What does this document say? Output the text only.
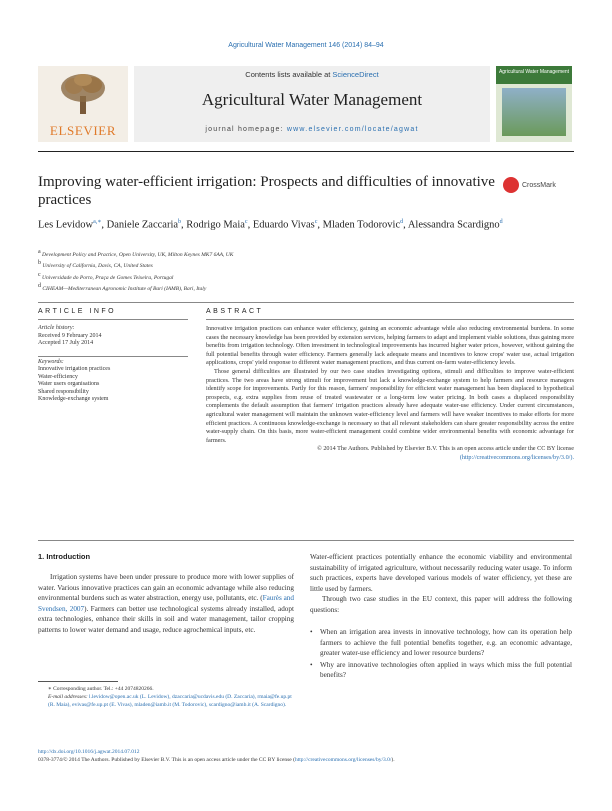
Agricultural Water Management 146 (2014) 84–94
ELSEVIER
Contents lists available at ScienceDirect
Agricultural Water Management
journal homepage: www.elsevier.com/locate/agwat
Agricultural Water Management
Improving water-efficient irrigation: Prospects and difficulties of innovative practices
CrossMark
Les Levidow$^{a,∗}$, Daniele Zaccaria$^b$, Rodrigo Maia$^c$, Eduardo Vivas$^c$, Mladen Todorovic$^d$, Alessandra Scardigno$^d$
$^a$ Development Policy and Practice, Open University, UK, Milton Keynes MK7 6AA, UK
$^b$ University of California, Davis, CA, United States
$^c$ Universidade do Porto, Praça de Gomes Teixeira, Portugal
$^d$ CIHEAM—Mediterranean Agronomic Institute of Bari (IAMB), Bari, Italy
ARTICLE INFO	ABSTRACT
Article history:
Received 9 February 2014
Accepted 17 July 2014
Keywords:
Innovative irrigation practices
Water-efficiency
Water users organisations
Shared responsibility
Knowledge-exchange system

Innovative irrigation practices can enhance water efficiency, gaining an economic advantage while also reducing environmental burdens. In some cases the necessary knowledge has been provided by extension services, helping farmers to adapt and implement viable solutions, thus gaining more benefits from irrigation technology. Often investment in technological improvements has incurred higher water prices, however, without gaining the full potential benefits through water efficiency. Farmers generally lack adequate means and incentives to know crops' water use, actual irrigation applications, crops' yield response to different water management practices, and thus current on-farm water-efficiency levels.

Those general difficulties are illustrated by our two case studies investigating options, stimuli and difficulties to improve water-efficient practices. The two areas have strong stimuli for improvement but lack a knowledge-exchange system to help farmers and resource managers identify scope for improvements. Partly for this reason, farmers' responsibility for efficient water management has been displaced to hypothetical prospects, e.g. extra supplies from reuse of treated wastewater or a long-term low water pricing. In both cases a displaced responsibility complements the default assumption that farmers' irrigation practices already have adequate water-use efficiency. Under current circumstances, agricultural water management will maintain the unknown water-efficiency level and farmers will have weaker incentives to make efforts for more efficient practices. A continuous knowledge-exchange is necessary so that all relevant stakeholders can share greater responsibility across the entire water-supply chain. On this basis, more water-efficient management could combine wider environmental benefits with economic advantage for farmers.

© 2014 The Authors. Published by Elsevier B.V. This is an open access article under the CC BY license
(http://creativecommons.org/licenses/by/3.0/).

1. Introduction

Irrigation systems have been under pressure to produce more with lower supplies of water. Various innovative practices can gain an economic advantage while also reducing environmental burdens such as water abstraction, energy use, pollutants, etc. (Faurès and Svendsen, 2007). Farmers can better use technological systems already installed, adopt extra technologies, enhance their skills in soil and water management, tailor cropping patterns to lower water demand and usage, reduce agrochemical inputs, etc.

Water-efficient practices potentially enhance the economic viability and environmental sustainability of irrigated agriculture, without necessarily reducing water usage. To inform such practices, experts have developed various models of water efficiency, yet these are little used by farmers.

Through two case studies in the EU context, this paper will address the following questions:

• When an irrigation area invests in innovative technology, how can its operation help farmers to achieve the full potential benefits together, e.g. an economic advantage, greater water-use efficiency and lower resource burdens?
• Why are innovative technologies often applied in ways which miss the full potential benefits?
∗ Corresponding author. Tel.: +44 2074820266.
E-mail addresses: l.levidow@open.ac.uk (L. Levidow), dzaccaria@ucdavis.edu (D. Zaccaria), rmaia@fe.up.pt (R. Maia), evivas@fe.up.pt (E. Vivas), mladen@iamb.it (M. Todorovic), scardigno@iamb.it (A. Scardigno).
http://dx.doi.org/10.1016/j.agwat.2014.07.012
0378-3774/© 2014 The Authors. Published by Elsevier B.V. This is an open access article under the CC BY license (http://creativecommons.org/licenses/by/3.0/).
